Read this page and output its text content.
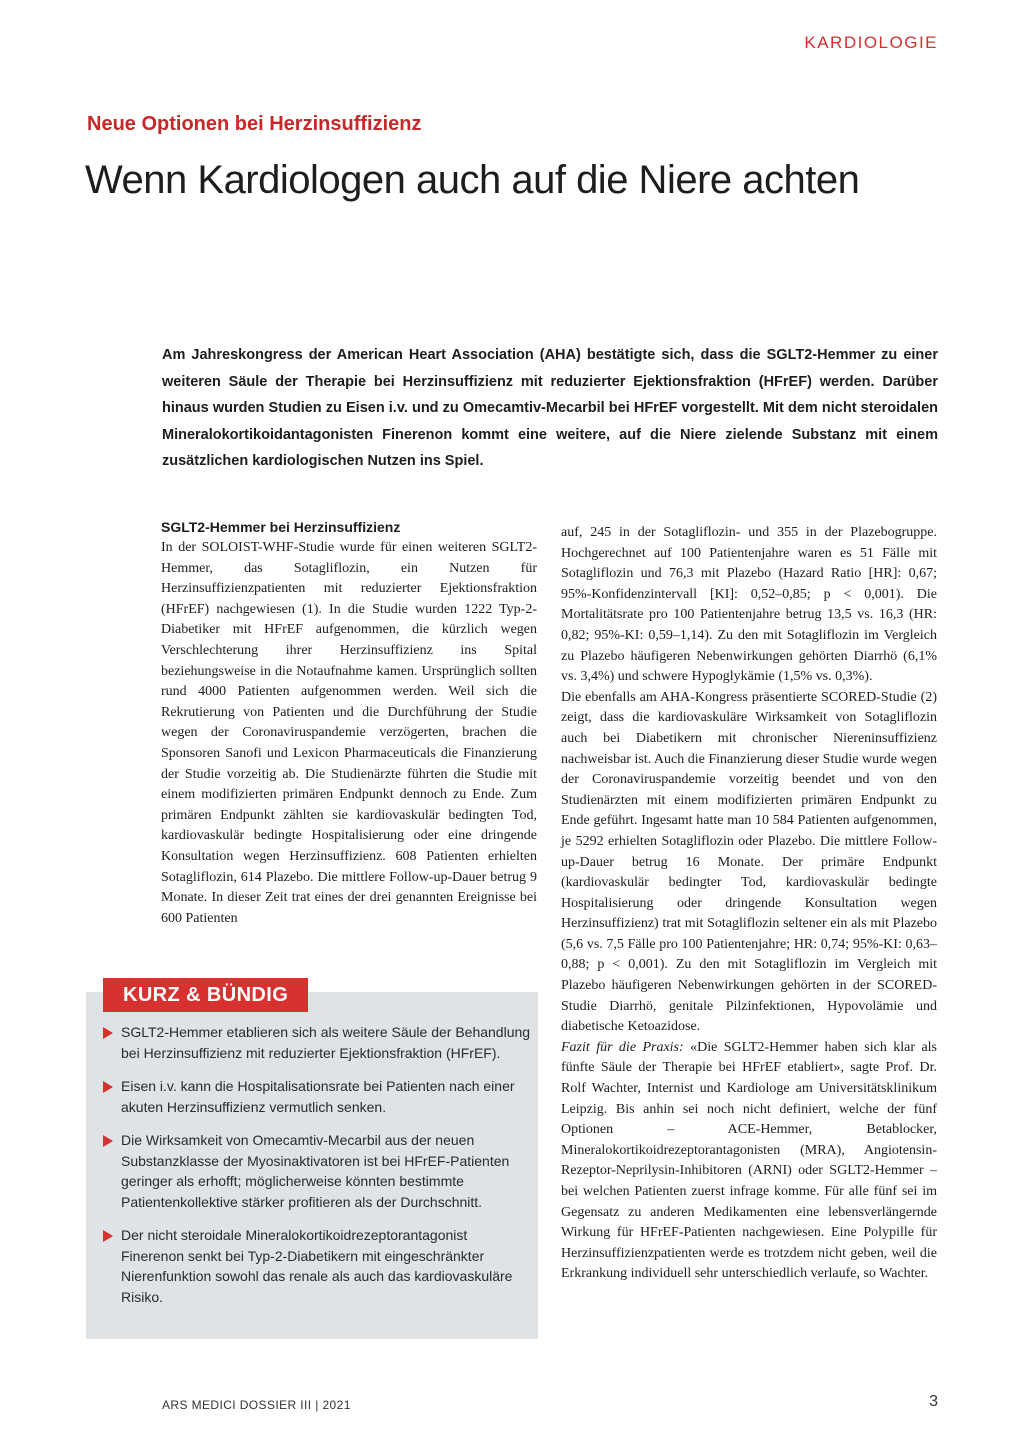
KARDIOLOGIE
Neue Optionen bei Herzinsuffizienz
Wenn Kardiologen auch auf die Niere achten

Am Jahreskongress der American Heart Association (AHA) bestätigte sich, dass die SGLT2-Hemmer zu einer weiteren Säule der Therapie bei Herzinsuffizienz mit reduzierter Ejektionsfraktion (HFrEF) werden. Darüber hinaus wurden Studien zu Eisen i.v. und zu Omecamtiv-Mecarbil bei HFrEF vorgestellt. Mit dem nicht steroidalen Mineralokortikoidantagonisten Finerenon kommt eine weitere, auf die Niere zielende Substanz mit einem zusätzlichen kardiologischen Nutzen ins Spiel.

SGLT2-Hemmer bei Herzinsuffizienz

In der SOLOIST-WHF-Studie wurde für einen weiteren SGLT2-Hemmer, das Sotagliflozin, ein Nutzen für Herzinsuffizienzpatienten mit reduzierter Ejektionsfraktion (HFrEF) nachgewiesen (1). In die Studie wurden 1222 Typ-2-Diabetiker mit HFrEF aufgenommen, die kürzlich wegen Verschlechterung ihrer Herzinsuffizienz ins Spital beziehungsweise in die Notaufnahme kamen. Ursprünglich sollten rund 4000 Patienten aufgenommen werden. Weil sich die Rekrutierung von Patienten und die Durchführung der Studie wegen der Coronaviruspandemie verzögerten, brachen die Sponsoren Sanofi und Lexicon Pharmaceuticals die Finanzierung der Studie vorzeitig ab. Die Studienärzte führten die Studie mit einem modifizierten primären Endpunkt dennoch zu Ende. Zum primären Endpunkt zählten sie kardiovaskulär bedingten Tod, kardiovaskulär bedingte Hospitalisierung oder eine dringende Konsultation wegen Herzinsuffizienz. 608 Patienten erhielten Sotagliflozin, 614 Plazebo. Die mittlere Follow-up-Dauer betrug 9 Monate. In dieser Zeit trat eines der drei genannten Ereignisse bei 600 Patienten

auf, 245 in der Sotagliflozin- und 355 in der Plazebogruppe. Hochgerechnet auf 100 Patientenjahre waren es 51 Fälle mit Sotagliflozin und 76,3 mit Plazebo (Hazard Ratio [HR]: 0,67; 95%-Konfidenzintervall [KI]: 0,52–0,85; p < 0,001). Die Mortalitätsrate pro 100 Patientenjahre betrug 13,5 vs. 16,3 (HR: 0,82; 95%-KI: 0,59–1,14). Zu den mit Sotagliflozin im Vergleich zu Plazebo häufigeren Nebenwirkungen gehörten Diarrhö (6,1% vs. 3,4%) und schwere Hypoglykämie (1,5% vs. 0,3%).

Die ebenfalls am AHA-Kongress präsentierte SCORED-Studie (2) zeigt, dass die kardiovaskuläre Wirksamkeit von Sotagliflozin auch bei Diabetikern mit chronischer Niereninsuffizienz nachweisbar ist. Auch die Finanzierung dieser Studie wurde wegen der Coronaviruspandemie vorzeitig beendet und von den Studienärzten mit einem modifizierten primären Endpunkt zu Ende geführt. Ingesamt hatte man 10 584 Patienten aufgenommen, je 5292 erhielten Sotagliflozin oder Plazebo. Die mittlere Follow-up-Dauer betrug 16 Monate. Der primäre Endpunkt (kardiovaskulär bedingter Tod, kardiovaskulär bedingte Hospitalisierung oder dringende Konsultation wegen Herzinsuffizienz) trat mit Sotagliflozin seltener ein als mit Plazebo (5,6 vs. 7,5 Fälle pro 100 Patientenjahre; HR: 0,74; 95%-KI: 0,63–0,88; p < 0,001). Zu den mit Sotagliflozin im Vergleich mit Plazebo häufigeren Nebenwirkungen gehörten in der SCORED-Studie Diarrhö, genitale Pilzinfektionen, Hypovolämie und diabetische Ketoazidose.

Fazit für die Praxis: «Die SGLT2-Hemmer haben sich klar als fünfte Säule der Therapie bei HFrEF etabliert», sagte Prof. Dr. Rolf Wachter, Internist und Kardiologe am Universitätsklinikum Leipzig. Bis anhin sei noch nicht definiert, welche der fünf Optionen – ACE-Hemmer, Betablocker, Mineralokortikoidrezeptorantagonisten (MRA), Angiotensin-Rezeptor-Neprilysin-Inhibitoren (ARNI) oder SGLT2-Hemmer – bei welchen Patienten zuerst infrage komme. Für alle fünf sei im Gegensatz zu anderen Medikamenten eine lebensverlängernde Wirkung für HFrEF-Patienten nachgewiesen. Eine Polypille für Herzinsuffizienzpatienten werde es trotzdem nicht geben, weil die Erkrankung individuell sehr unterschiedlich verlaufe, so Wachter.

KURZ & BÜNDIG
SGLT2-Hemmer etablieren sich als weitere Säule der Behandlung bei Herzinsuffizienz mit reduzierter Ejektionsfraktion (HFrEF).
Eisen i.v. kann die Hospitalisationsrate bei Patienten nach einer akuten Herzinsuffizienz vermutlich senken.
Die Wirksamkeit von Omecamtiv-Mecarbil aus der neuen Substanzklasse der Myosinaktivatoren ist bei HFrEF-Patienten geringer als erhofft; möglicherweise könnten bestimmte Patientenkollektive stärker profitieren als der Durchschnitt.
Der nicht steroidale Mineralokortikoidrezeptorantagonist Finerenon senkt bei Typ-2-Diabetikern mit eingeschränkter Nierenfunktion sowohl das renale als auch das kardiovaskuläre Risiko.
ARS MEDICI DOSSIER III | 2021	3
